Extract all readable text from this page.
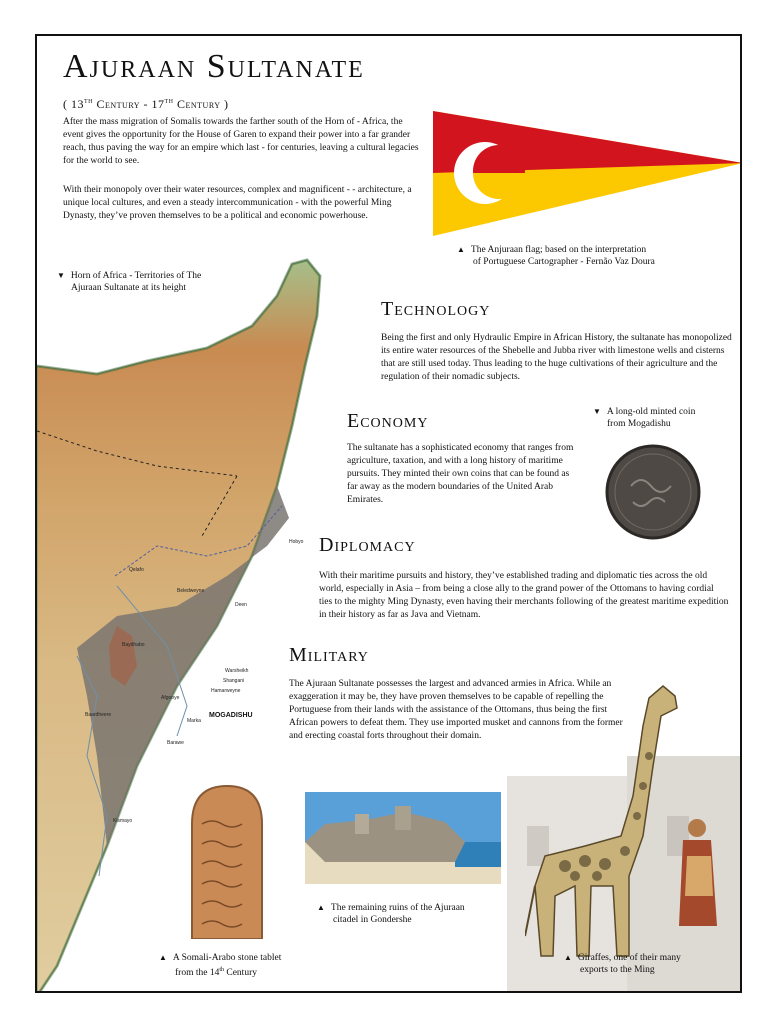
Ajuraan Sultanate
( 13th Century - 17th Century )
After the mass migration of Somalis towards the farther south of the Horn of - Africa, the event gives the opportunity for the House of Garen to expand their power into a far grander reach, thus paving the way for an empire which last - for centuries, leaving a cultural legacies for the world to see.
With their monopoly over their water resources, complex and magnificent - - architecture, a unique local cultures, and even a steady intercommunication - with the powerful Ming Dynasty, they’ve proven themselves to be a political and economic powerhouse.
▲ The Anjuraan flag; based on the interpretation
of Portuguese Cartographer - Fernão Vaz Doura
▼ Horn of Africa - Territories of The
Ajuraan Sultanate at its height
MOGADISHU
Technology
Being the first and only Hydraulic Empire in African History, the sultanate has monopolized its entire water resources of the Shebelle and Jubba river with limestone wells and cisterns that are still used today. Thus leading to the huge cultivations of their agriculture and the regulation of their nomadic subjects.
Economy
The sultanate has a sophisticated economy that ranges from agriculture, taxation, and with a long history of maritime pursuits. They minted their own coins that can be found as far away as the modern boundaries of the United Arab Emirates.
▼ A long-old minted coin
from Mogadishu
Diplomacy
With their maritime pursuits and history, they’ve established trading and diplomatic ties across the old world, especially in Asia – from being a close ally to the grand power of the Ottomans to having cordial ties to the mighty Ming Dynasty, even having their merchants following of the greatest maritime expedition in their history as far as Java and Vietnam.
Military
The Ajuraan Sultanate possesses the largest and advanced armies in Africa. While an exaggeration it may be, they have proven themselves to be capable of repelling the Portuguese from their lands with the assistance of the Ottomans, thus being the first African powers to defeat them. They use imported musket and cannons from the former and erecting coastal forts throughout their domain.
▲ A Somali-Arabo stone tablet
from the 14th Century
▲ The remaining ruins of the Ajuraan
citadel in Gondershe
▲ Giraffes, one of their many
exports to the Ming
Hobyo
Qelafo
Beledweyne
Deen
Baydhabo
Warsheikh
Shangani
Hamarweyne
Afgooye
Marka
Baardheere
Barawe
Kismayo
